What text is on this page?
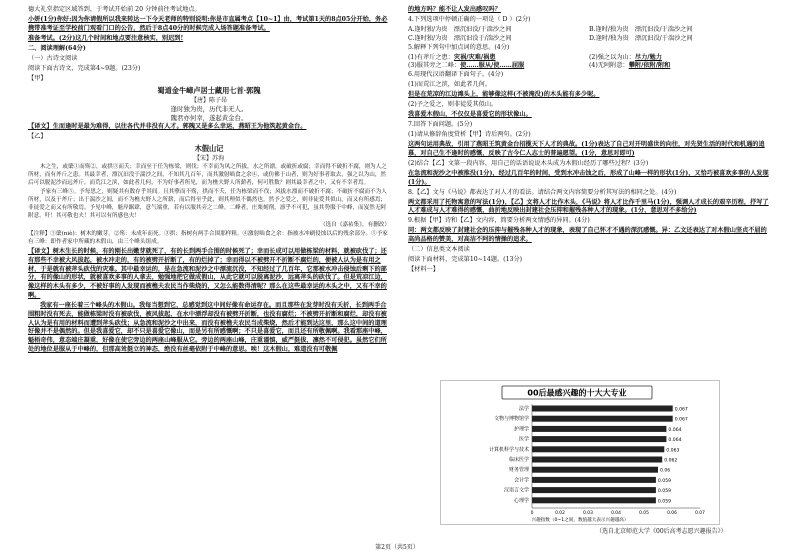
德大礼堂指定区域答到，于考试开始前 20 分钟前往考试地点。

小妍(1分)你好:因为你请假所以我来转达一下今天老师的特别说明:你是市直属考点【10~1】由，考试第1天的8点05分开始，务必携带准考证至学校前门观看门口的公告，然后于8点40分的时候完成入场答题准备考试。

准备考试。(2分)这几个时间和地点要注意核实，别迟到!

二、阅读理解(64分)

（一）古诗文阅读

阅读下面古诗文，完成第4~9题。(23分)

【甲】

蜀道金牛嶂卢居士藏用七首·郭隗
【唐】陈子昂
逢时独为贵，历代非无人。
隗君亦何幸，遂起黄金台。

【译文】生而逢时是最为难得，以往各代并非没有人才。郭隗又是多么幸运，燕昭王为他筑起黄金台。

【乙】

木假山记
【宋】苏洵

木之生，或蘖①而殇②，或拱③而夭；幸而至于任为栋梁，则伐；不幸而为风之所拔，水之所漂，或破折或腐；幸而得不破折不腐，则为人之所材，而有斧斤之患。其最幸者，漂沉汩没于湍沙之间，不知其几百年，而其激射啮食之余④，或仿佛于山者，则为好事者取去，强之以为山，然后可以脱泥沙而远斧斤。而荒江之滨，如此者几何，不为好事者所见，而为樵夫野人所薪者，何可胜数？则其最幸者之中，又有不幸者焉。

予家有三峰⑤。予每思之，则疑其有数存乎其间。且其孽而不殇，拱而不夭，任为栋梁而不伐；风拔水漂而不破折不腐；不破折不腐而不为人所材，以及于斧斤；出于湍沙之间，而不为樵夫野人之所薪，而后得至乎此，则其理似不偶然也。然予之爱之，则非徒爱其似山，而又有所感焉；非徒爱之而又有所敬焉。予见中峰，魁岸踞肆，意气端重，若有以服其旁之二峰。二峰者，庄栗刻削，凛乎不可犯，虽其势服于中峰，而岌然无阿附意。吁！其可敬也夫！其可以有所感也夫！

（选自《嘉祐集》，有删改）

【注释】①蘖(niè)：树木的嫩芽。②殇：未成年而死。③拱：指树有两手合围那样粗。④激射啮食之余：指被水冲刷侵蚀以后的残余部分。⑤予家有三峰：即作者家中所藏的木假山，由三个峰头组成。

【译文】树木生长的时候，有的刚长出嫩芽就死了，有的长到两手合围的时候死了；幸而长成可以用做栋梁的材料，就被砍伐了；还有那些不幸被大风拔起，被水冲走的，有的被劈开折断了，有的烂掉了；幸而得以不被劈开不折断不腐烂的，便被人认为是有用之材，于是就有被斧头砍伐的灾难。其中最幸运的，是在急流和泥沙之中漂流沉没，不知经过了几百年，它那被水冲击侵蚀后剩下的部分，有的像山的形状，就被喜欢多事的人拿去，勉强地把它做成假山，从此它就可以脱离泥沙，远离斧头的砍伐了。但是荒凉江边，像这样的木头有多少，不被好事的人发现而被樵夫农民当作柴烧的，又怎么能数得清呢？那么在这些最幸运的木头之中，又有不幸的啊。

我家有一座长着三个峰头的木假山。我每当想到它，总感觉到这中间好像有命运存在。而且那些在发芽时没有夭折，长到两手合围粗时没有死去，能做栋梁时没有被砍伐，被风拔起、在水中漂浮却没有被劈开折断，也没有腐烂；不被劈开折断和腐烂，却没有被人认为是有用的材料而遭到斧头砍伐；从急流和泥沙之中出来，而没有被樵夫农民当成柴烧，然后才能到达这里，那么这中间的道理好像并不是偶然的。但是我喜爱它，却不只是喜爱它像山，而是另有所感慨啊；不只是喜爱它，而且还有所敬佩啊。我看那座中峰，魁梧奇伟，意态端庄凝重，好像在使它旁边的两座山峰服从它。旁边的两座山峰，庄重谨慎，威严挺拔，凛然不可侵犯。虽然它们所处的地位是服从于中峰的，但那高耸挺立的神态，绝没有丝毫依附于中峰的意思。唉！这木假山，难道没有可敬佩

的地方吗？能不让人发出感叹吗？

4.下列选项中停顿正确的一项是（ D ）(2分)

A.逢时独/为贵　漂沉汩没/于湍沙之间	B.逢时/独为贵　漂沉汩没/于湍沙之间
C.逢时独/为贵　漂沉汩没于/湍沙之间	D.逢时/独为贵　漂沉汩没/于湍沙之间

5.解释下列句中加点词的意思。(4分)

(1)有斧斤之患：灾祸/灾难/祸患	(2)强之以为山：尽力/勉力
(3)服其旁之二峰：使……服从/使……屈服	(4)无阿附意：攀附/依附/附和

6.用现代汉语翻译下面句子。(4分)

(1)而荒江之滨，如此者几何。

但是在荒凉的江边滩头上，能够像这样(不被淹没)的木头能有多少呢。

(2)予之爱之，则非徒爱其似山。

我喜爱木假山，不仅仅是喜爱它的形状像山。

7.回答下面问题。(5分)

(1)请从修辞角度赏析【甲】诗后两句。(2分)

这两句运用典故，引用了燕昭王筑黄金台招揽天下人才的典故。(1分)表达了自己对开明盛世的向往，对先贤生活的时代和机遇的追慕，对自己生不逢时的感慨，反映了古今仁人志士的普遍愿望。(1分，意思对即可)

(2)结合【乙】文第一段内容，用自己的话语说说木头成为木假山经历了哪些过程？(3分)

在急流和泥沙之中被推没(1分)，经过几百年的时间，受到水冲击蚀之后，形成了山峰一样的形状(1分)，又恰巧被喜欢多事的人发现(1分)。

8.【乙】文与《马说》都表达了对人才的看法。请结合两文内容简要分析其写法的相同之处。(4分)

两文都采用了托物寓意的写法(1分)，【乙】文将人才比作木头，《马说》将人才比作千里马(1分)，强调人才成长的艰辛历程，抒写了人才难成与人才难得的感慨，曲折地反映出封建社会压抑和摧残各种人才的现象。(1分，意思对不多给分)

9.根据【甲】诗和【乙】文内容，简要分析两文情感的异同。(4分)

同：两文都反映了封建社会的压抑与摧残各种人才的现象，表现了自己怀才不遇的深沉感慨。异：乙文还表达了对木假山坚贞不屈的高尚品格的赞美，对高洁不阿的情操的追求。

（二）信息类文本阅读

阅读下面材料，完成第10~14题。(13分)

【材料一】

00后最感兴趣的十大大专业
法学	0.067
文物与博物馆学	0.067
护理学	0.064
医学	0.064
计算机科学与技术	0.063
临床医学	0.062
财务管理	0.06
会计学	0.059
汉语言文学	0.059
心理学	0.059
0	0.02	0.03	0.04	0.05	0.06	0.07
兴趣指数（0~1之间，数值越大表示兴趣越高）
（选自北京师范大学《00后高考志愿兴趣报告》）
第2页（共5页）
